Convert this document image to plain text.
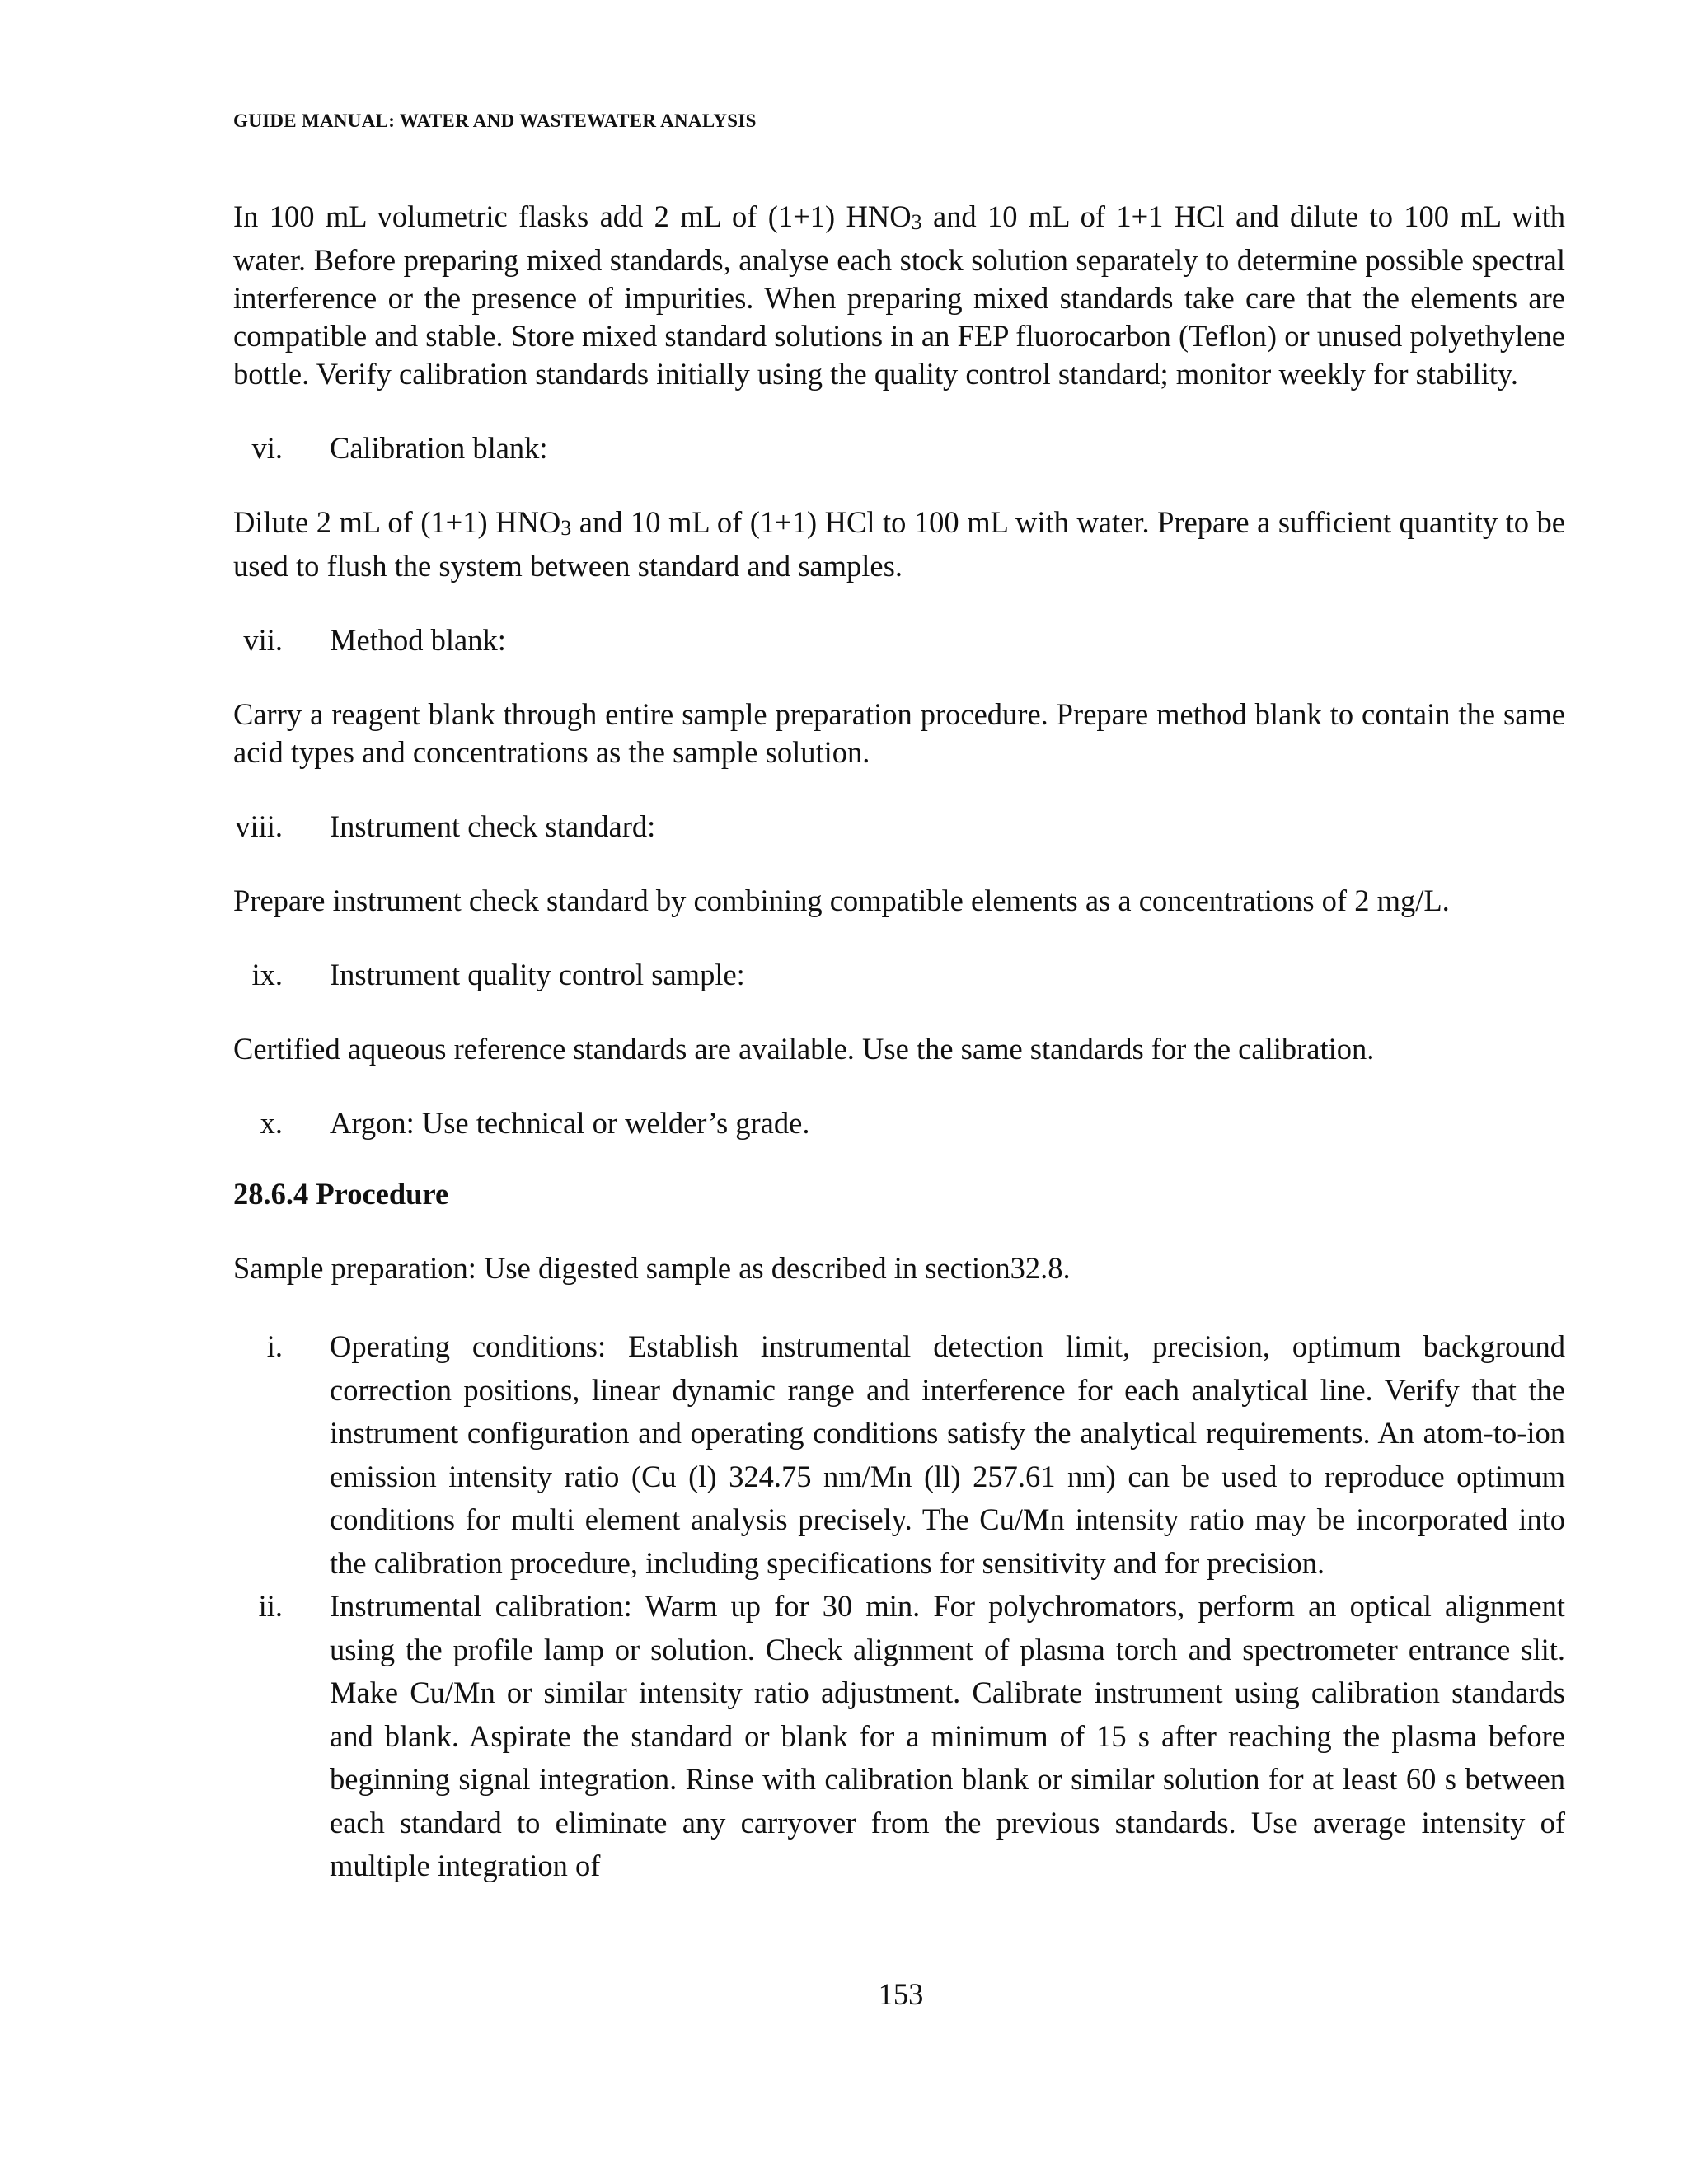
GUIDE MANUAL: WATER AND WASTEWATER ANALYSIS

In 100 mL volumetric flasks add 2 mL of (1+1) $HNO_3$ and 10 mL of 1+1 HCl and dilute to 100 mL with water. Before preparing mixed standards, analyse each stock solution separately to determine possible spectral interference or the presence of impurities. When preparing mixed standards take care that the elements are compatible and stable. Store mixed standard solutions in an FEP fluorocarbon (Teflon) or unused polyethylene bottle. Verify calibration standards initially using the quality control standard; monitor weekly for stability.

vi. Calibration blank:

Dilute 2 mL of (1+1) $HNO_3$ and 10 mL of (1+1) HCl to 100 mL with water. Prepare a sufficient quantity to be used to flush the system between standard and samples.

vii. Method blank:

Carry a reagent blank through entire sample preparation procedure. Prepare method blank to contain the same acid types and concentrations as the sample solution.

viii. Instrument check standard:

Prepare instrument check standard by combining compatible elements as a concentrations of 2 mg/L.

ix. Instrument quality control sample:

Certified aqueous reference standards are available. Use the same standards for the calibration.

x. Argon: Use technical or welder’s grade.

28.6.4 Procedure

Sample preparation: Use digested sample as described in section32.8.

i. Operating conditions: Establish instrumental detection limit, precision, optimum background correction positions, linear dynamic range and interference for each analytical line. Verify that the instrument configuration and operating conditions satisfy the analytical requirements. An atom-to-ion emission intensity ratio (Cu (l) 324.75 nm/Mn (ll) 257.61 nm) can be used to reproduce optimum conditions for multi element analysis precisely. The Cu/Mn intensity ratio may be incorporated into the calibration procedure, including specifications for sensitivity and for precision.
ii. Instrumental calibration: Warm up for 30 min. For polychromators, perform an optical alignment using the profile lamp or solution. Check alignment of plasma torch and spectrometer entrance slit. Make Cu/Mn or similar intensity ratio adjustment. Calibrate instrument using calibration standards and blank. Aspirate the standard or blank for a minimum of 15 s after reaching the plasma before beginning signal integration. Rinse with calibration blank or similar solution for at least 60 s between each standard to eliminate any carryover from the previous standards. Use average intensity of multiple integration of
153
